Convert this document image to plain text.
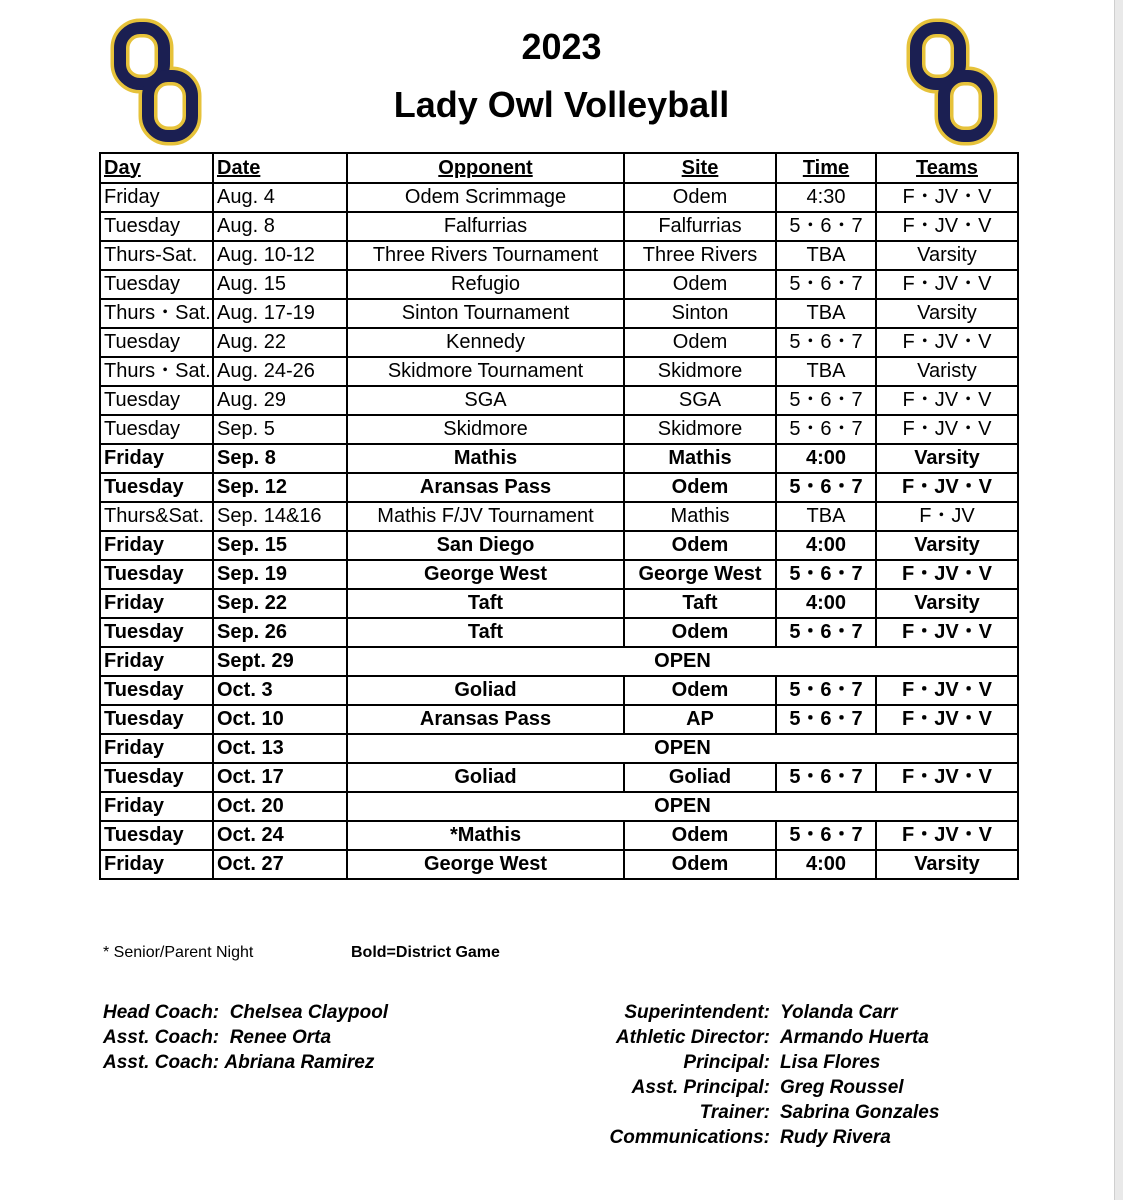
2023
Lady Owl Volleyball
Day	Date	Opponent	Site	Time	Teams
Friday	Aug. 4	Odem Scrimmage	Odem	4:30	F・JV・V
Tuesday	Aug. 8	Falfurrias	Falfurrias	5・6・7	F・JV・V
Thurs-Sat.	Aug. 10-12	Three Rivers Tournament	Three Rivers	TBA	Varsity
Tuesday	Aug. 15	Refugio	Odem	5・6・7	F・JV・V
Thurs・Sat.	Aug. 17-19	Sinton Tournament	Sinton	TBA	Varsity
Tuesday	Aug. 22	Kennedy	Odem	5・6・7	F・JV・V
Thurs・Sat.	Aug. 24-26	Skidmore Tournament	Skidmore	TBA	Varisty
Tuesday	Aug. 29	SGA	SGA	5・6・7	F・JV・V
Tuesday	Sep. 5	Skidmore	Skidmore	5・6・7	F・JV・V
Friday	Sep. 8	Mathis	Mathis	4:00	Varsity
Tuesday	Sep. 12	Aransas Pass	Odem	5・6・7	F・JV・V
Thurs&Sat.	Sep. 14&16	Mathis F/JV Tournament	Mathis	TBA	F・JV
Friday	Sep. 15	San Diego	Odem	4:00	Varsity
Tuesday	Sep. 19	George West	George West	5・6・7	F・JV・V
Friday	Sep. 22	Taft	Taft	4:00	Varsity
Tuesday	Sep. 26	Taft	Odem	5・6・7	F・JV・V
Friday	Sept. 29	OPEN			
Tuesday	Oct. 3	Goliad	Odem	5・6・7	F・JV・V
Tuesday	Oct. 10	Aransas Pass	AP	5・6・7	F・JV・V
Friday	Oct. 13	OPEN			
Tuesday	Oct. 17	Goliad	Goliad	5・6・7	F・JV・V
Friday	Oct. 20	OPEN			
Tuesday	Oct. 24	*Mathis	Odem	5・6・7	F・JV・V
Friday	Oct. 27	George West	Odem	4:00	Varsity
* Senior/Parent Night	Bold=District Game
Head Coach: Chelsea Claypool
Asst. Coach: Renee Orta
Asst. Coach: Abriana Ramirez
Superintendent: Yolanda Carr
Athletic Director: Armando Huerta
Principal: Lisa Flores
Asst. Principal: Greg Roussel
Trainer: Sabrina Gonzales
Communications: Rudy Rivera
